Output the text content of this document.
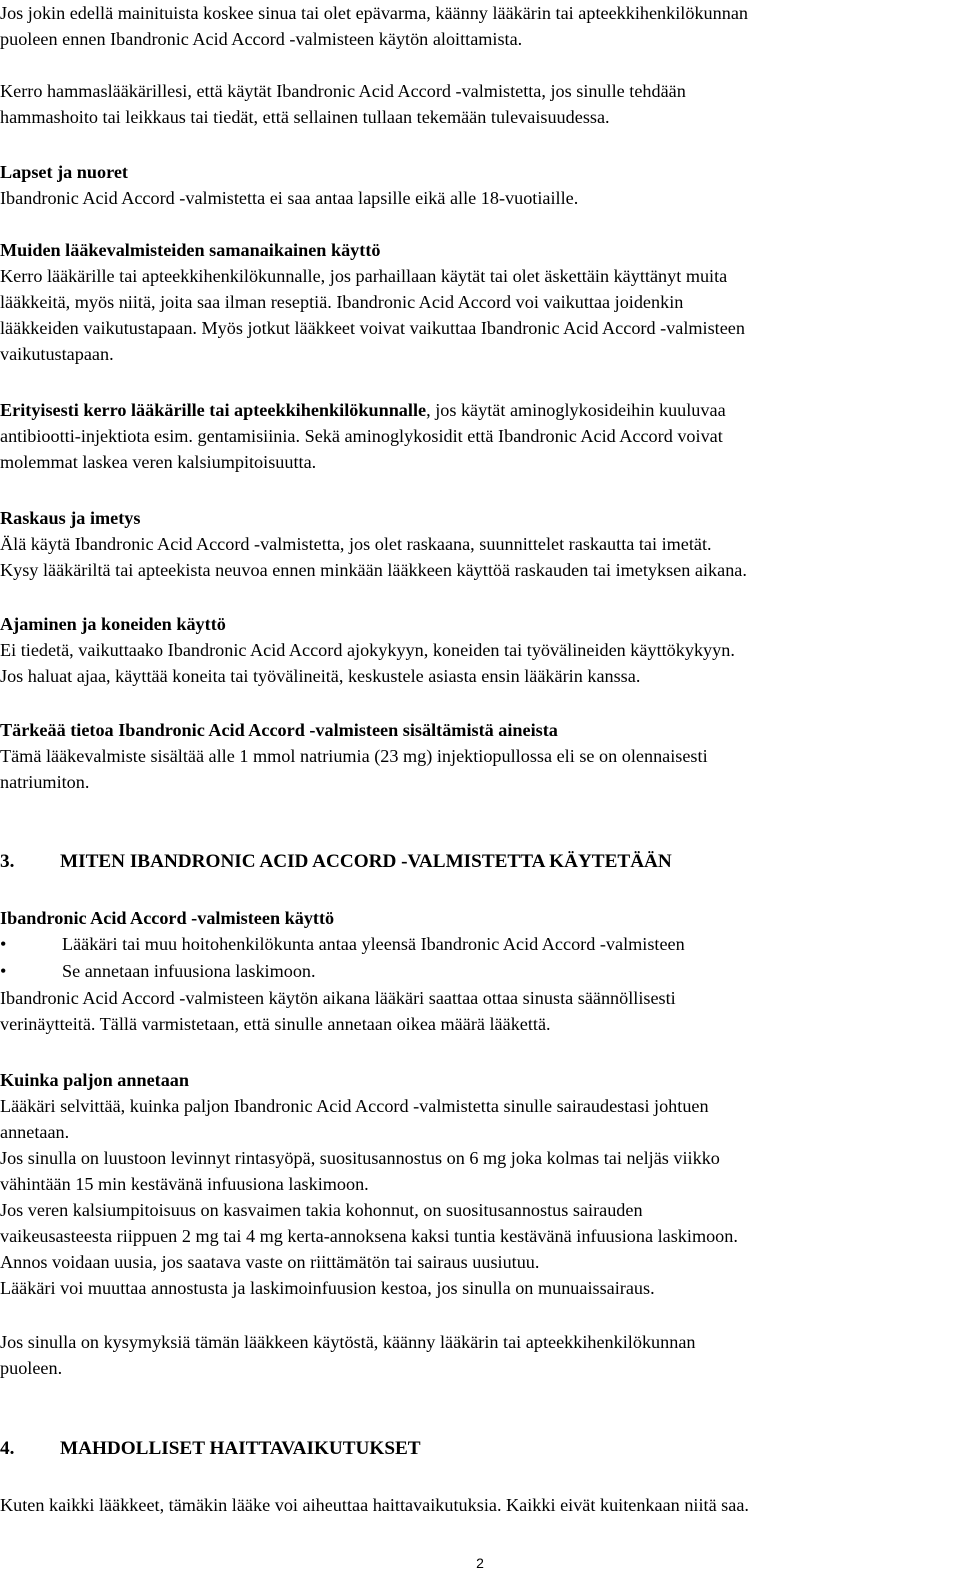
Jos jokin edellä mainituista koskee sinua tai olet epävarma, käänny lääkärin tai apteekkihenkilökunnan

puoleen ennen Ibandronic Acid Accord -valmisteen käytön aloittamista.

Kerro hammaslääkärillesi, että käytät Ibandronic Acid Accord -valmistetta, jos sinulle tehdään

hammashoito tai leikkaus tai tiedät, että sellainen tullaan tekemään tulevaisuudessa.

Lapset ja nuoret

Ibandronic Acid Accord -valmistetta ei saa antaa lapsille eikä alle 18-vuotiaille.

Muiden lääkevalmisteiden samanaikainen käyttö

Kerro lääkärille tai apteekkihenkilökunnalle, jos parhaillaan käytät tai olet äskettäin käyttänyt muita

lääkkeitä, myös niitä, joita saa ilman reseptiä. Ibandronic Acid Accord voi vaikuttaa joidenkin

lääkkeiden vaikutustapaan. Myös jotkut lääkkeet voivat vaikuttaa Ibandronic Acid Accord -valmisteen

vaikutustapaan.

Erityisesti kerro lääkärille tai apteekkihenkilökunnalle, jos käytät aminoglykosideihin kuuluvaa

antibiootti-injektiota esim. gentamisiinia. Sekä aminoglykosidit että Ibandronic Acid Accord voivat

molemmat laskea veren kalsiumpitoisuutta.

Raskaus ja imetys

Älä käytä Ibandronic Acid Accord -valmistetta, jos olet raskaana, suunnittelet raskautta tai imetät.

Kysy lääkäriltä tai apteekista neuvoa ennen minkään lääkkeen käyttöä raskauden tai imetyksen aikana.

Ajaminen ja koneiden käyttö

Ei tiedetä, vaikuttaako Ibandronic Acid Accord ajokykyyn, koneiden tai työvälineiden käyttökykyyn.

Jos haluat ajaa, käyttää koneita tai työvälineitä, keskustele asiasta ensin lääkärin kanssa.

Tärkeää tietoa Ibandronic Acid Accord -valmisteen sisältämistä aineista

Tämä lääkevalmiste sisältää alle 1 mmol natriumia (23 mg) injektiopullossa eli se on olennaisesti

natriumiton.

3. MITEN IBANDRONIC ACID ACCORD -VALMISTETTA KÄYTETÄÄN

Ibandronic Acid Accord -valmisteen käyttö

•	Lääkäri tai muu hoitohenkilökunta antaa yleensä Ibandronic Acid Accord -valmisteen

•	Se annetaan infuusiona laskimoon.

Ibandronic Acid Accord -valmisteen käytön aikana lääkäri saattaa ottaa sinusta säännöllisesti

verinäytteitä. Tällä varmistetaan, että sinulle annetaan oikea määrä lääkettä.

Kuinka paljon annetaan

Lääkäri selvittää, kuinka paljon Ibandronic Acid Accord -valmistetta sinulle sairaudestasi johtuen

annetaan.

Jos sinulla on luustoon levinnyt rintasyöpä, suositusannostus on 6 mg joka kolmas tai neljäs viikko

vähintään 15 min kestävänä infuusiona laskimoon.

Jos veren kalsiumpitoisuus on kasvaimen takia kohonnut, on suositusannostus sairauden

vaikeusasteesta riippuen 2 mg tai 4 mg kerta-annoksena kaksi tuntia kestävänä infuusiona laskimoon.

Annos voidaan uusia, jos saatava vaste on riittämätön tai sairaus uusiutuu.

Lääkäri voi muuttaa annostusta ja laskimoinfuusion kestoa, jos sinulla on munuaissairaus.

Jos sinulla on kysymyksiä tämän lääkkeen käytöstä, käänny lääkärin tai apteekkihenkilökunnan

puoleen.

4. MAHDOLLISET HAITTAVAIKUTUKSET

Kuten kaikki lääkkeet, tämäkin lääke voi aiheuttaa haittavaikutuksia. Kaikki eivät kuitenkaan niitä saa.

2
